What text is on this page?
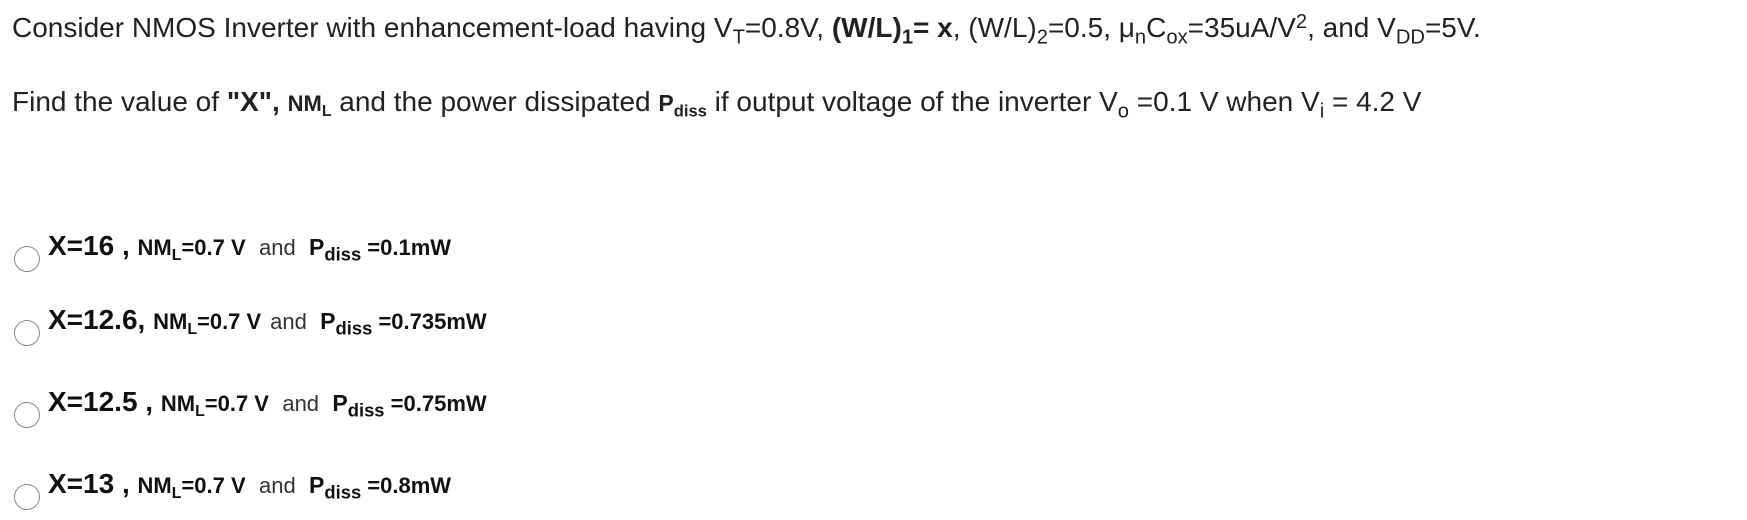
Consider NMOS Inverter with enhancement-load having $V_T=0.8V$, $(W/L)_1= x$, $(W/L)_2=0.5$, $\mu_nC_{ox}=35uA/V^2$, and $V_{DD}=5V$.
Find the value of "X", $NM_L$ and the power dissipated $P_{diss}$ if output voltage of the inverter $V_o =0.1$ V when $V_i = 4.2$ V
X=16 , $NM_L=0.7$ V and $P_{diss} =0.1mW$
X=12.6, $NM_L=0.7$ V and $P_{diss} =0.735mW$
X=12.5 , $NM_L=0.7$ V and $P_{diss} =0.75mW$
X=13 , $NM_L=0.7$ V and $P_{diss} =0.8mW$
